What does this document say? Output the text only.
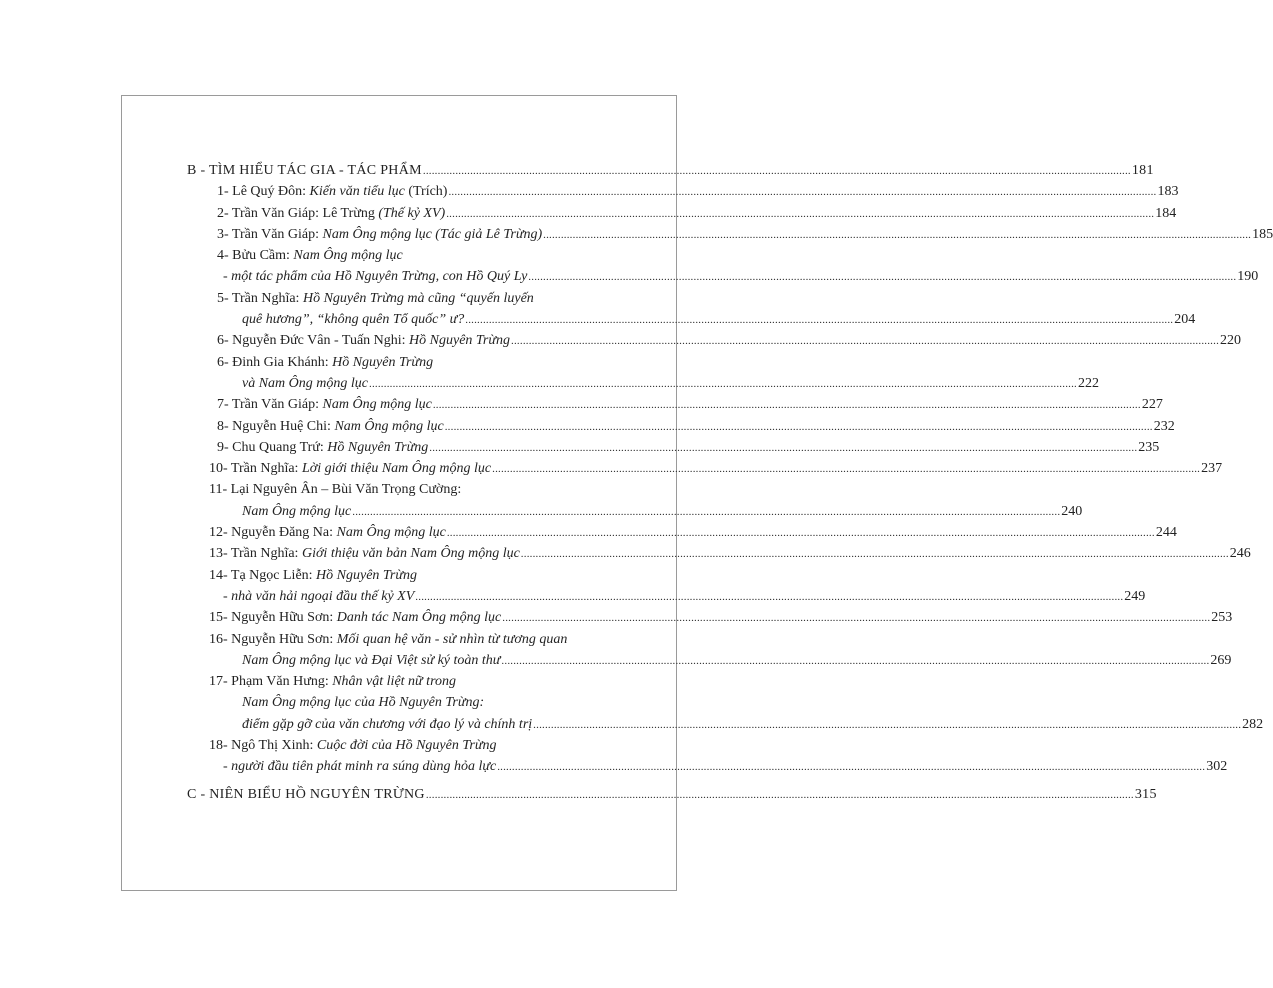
B - TÌM HIỂU TÁC GIA - TÁC PHẨM .....	181
1- Lê Quý Đôn: Kiến văn tiểu lục (Trích) .....	183
2- Trần Văn Giáp: Lê Trừng (Thế kỷ XV) .....	184
3- Trần Văn Giáp: Nam Ông mộng lục (Tác giả Lê Trừng) .....	185
4- Bửu Cầm: Nam Ông mộng lục
- một tác phẩm của Hồ Nguyên Trừng, con Hồ Quý Ly .....	190
5- Trần Nghĩa: Hồ Nguyên Trừng mà cũng “quyến luyến
quê hương”, “không quên Tổ quốc” ư? .....	204
6- Nguyễn Đức Vân - Tuấn Nghi: Hồ Nguyên Trừng .....	220
6- Đinh Gia Khánh: Hồ Nguyên Trừng
và Nam Ông mộng lục .....	222
7- Trần Văn Giáp: Nam Ông mộng lục .....	227
8- Nguyễn Huệ Chi: Nam Ông mộng lục .....	232
9- Chu Quang Trứ: Hồ Nguyên Trừng .....	235
10- Trần Nghĩa: Lời giới thiệu Nam Ông mộng lục .....	237
11- Lại Nguyên Ân – Bùi Văn Trọng Cường:
Nam Ông mộng lục .....	240
12- Nguyễn Đăng Na: Nam Ông mộng lục .....	244
13- Trần Nghĩa: Giới thiệu văn bản Nam Ông mộng lục .....	246
14- Tạ Ngọc Liễn: Hồ Nguyên Trừng
- nhà văn hải ngoại đầu thế kỷ XV .....	249
15- Nguyễn Hữu Sơn: Danh tác Nam Ông mộng lục .....	253
16- Nguyễn Hữu Sơn: Mối quan hệ văn - sử nhìn từ tương quan
Nam Ông mộng lục và Đại Việt sử ký toàn thư .....	269
17- Phạm Văn Hưng: Nhân vật liệt nữ trong
Nam Ông mộng lục của Hồ Nguyên Trừng:
điểm gặp gỡ của văn chương với đạo lý và chính trị .....	282
18- Ngô Thị Xinh: Cuộc đời của Hồ Nguyên Trừng
- người đầu tiên phát minh ra súng dùng hỏa lực .....	302
C - NIÊN BIỂU HỒ NGUYÊN TRỪNG .....	315
